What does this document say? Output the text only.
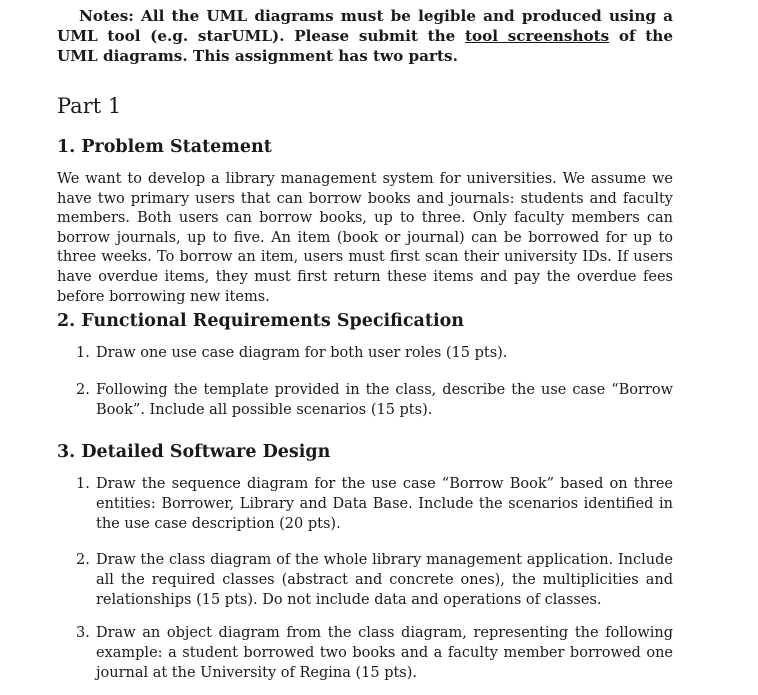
Notes: All the UML diagrams must be legible and produced using a UML tool (e.g. starUML). Please submit the tool screenshots of the UML diagrams. This assignment has two parts.

Part 1
1. Problem Statement

We want to develop a library management system for universities. We assume we have two primary users that can borrow books and journals: students and faculty members. Both users can borrow books, up to three. Only faculty members can borrow journals, up to five. An item (book or journal) can be borrowed for up to three weeks. To borrow an item, users must first scan their university IDs. If users have overdue items, they must first return these items and pay the overdue fees before borrowing new items.

2. Functional Requirements Specification
1. Draw one use case diagram for both user roles (15 pts).
2. Following the template provided in the class, describe the use case “Borrow Book”. Include all possible scenarios (15 pts).
3. Detailed Software Design
1. Draw the sequence diagram for the use case “Borrow Book” based on three entities: Borrower, Library and Data Base. Include the scenarios identified in the use case description (20 pts).
2. Draw the class diagram of the whole library management application. Include all the required classes (abstract and concrete ones), the multiplicities and relationships (15 pts). Do not include data and operations of classes.
3. Draw an object diagram from the class diagram, representing the following example: a student borrowed two books and a faculty member borrowed one journal at the University of Regina (15 pts).
